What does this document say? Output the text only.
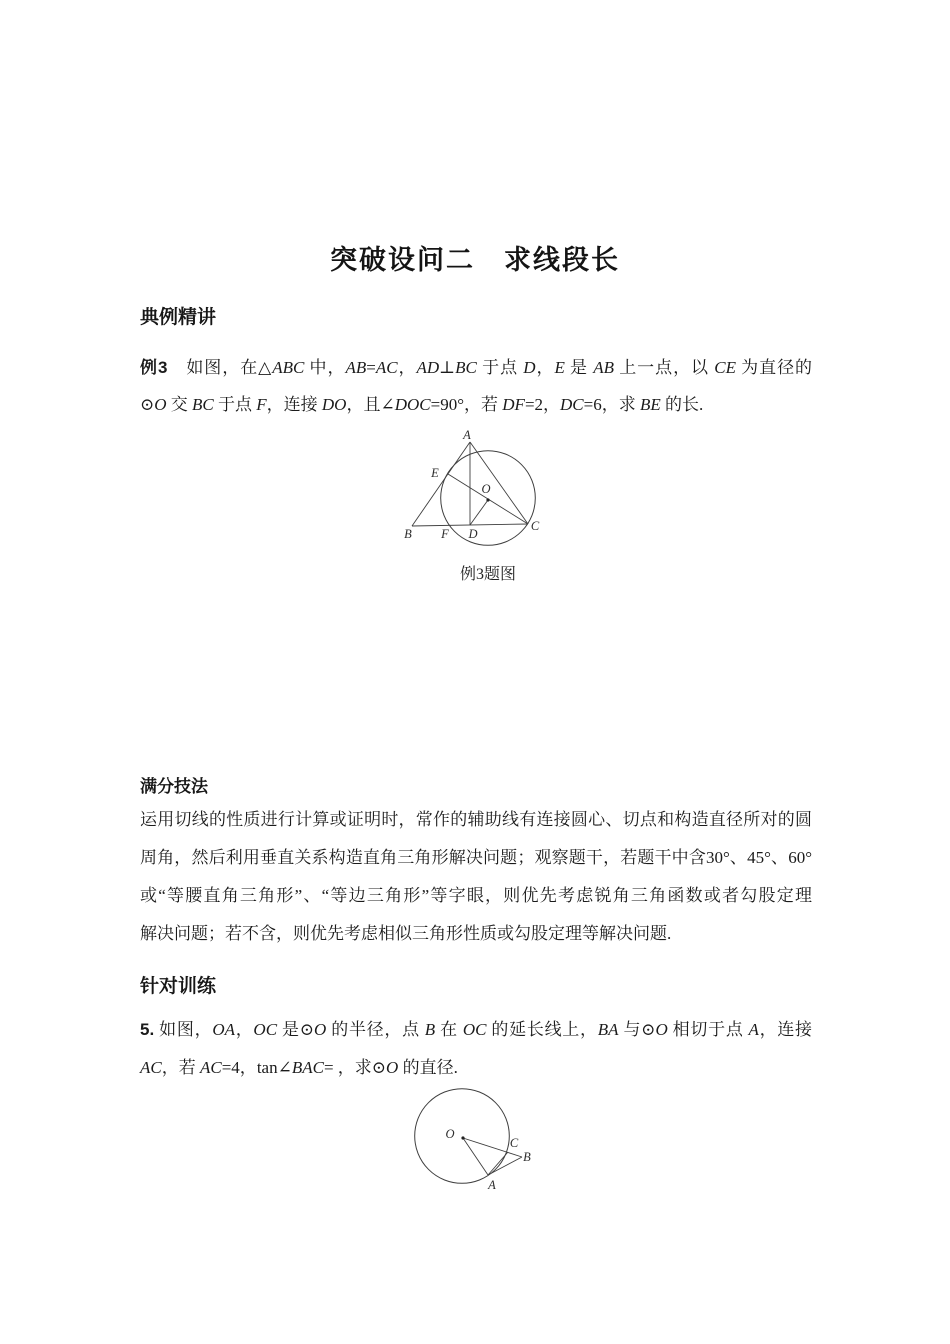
突破设问二　求线段长
典例精讲
例3　如图，在△ABC 中，AB=AC，AD⊥BC 于点 D，E 是 AB 上一点，以 CE 为直径的
⊙O 交 BC 于点 F，连接 DO，且∠DOC=90°，若 DF=2，DC=6，求 BE 的长.
A
E
O
B F D
C
例3题图
满分技法
运用切线的性质进行计算或证明时，常作的辅助线有连接圆心、切点和构造直径所对的圆
周角，然后利用垂直关系构造直角三角形解决问题；观察题干，若题干中含30°、45°、60°
或“等腰直角三角形”、“等边三角形”等字眼，则优先考虑锐角三角函数或者勾股定理
解决问题；若不含，则优先考虑相似三角形性质或勾股定理等解决问题.
针对训练
5. 如图，OA，OC 是⊙O 的半径，点 B 在 OC 的延长线上，BA 与⊙O 相切于点 A，连接
AC，若 AC=4，tan∠BAC= ，求⊙O 的直径.
O
C
B
A
